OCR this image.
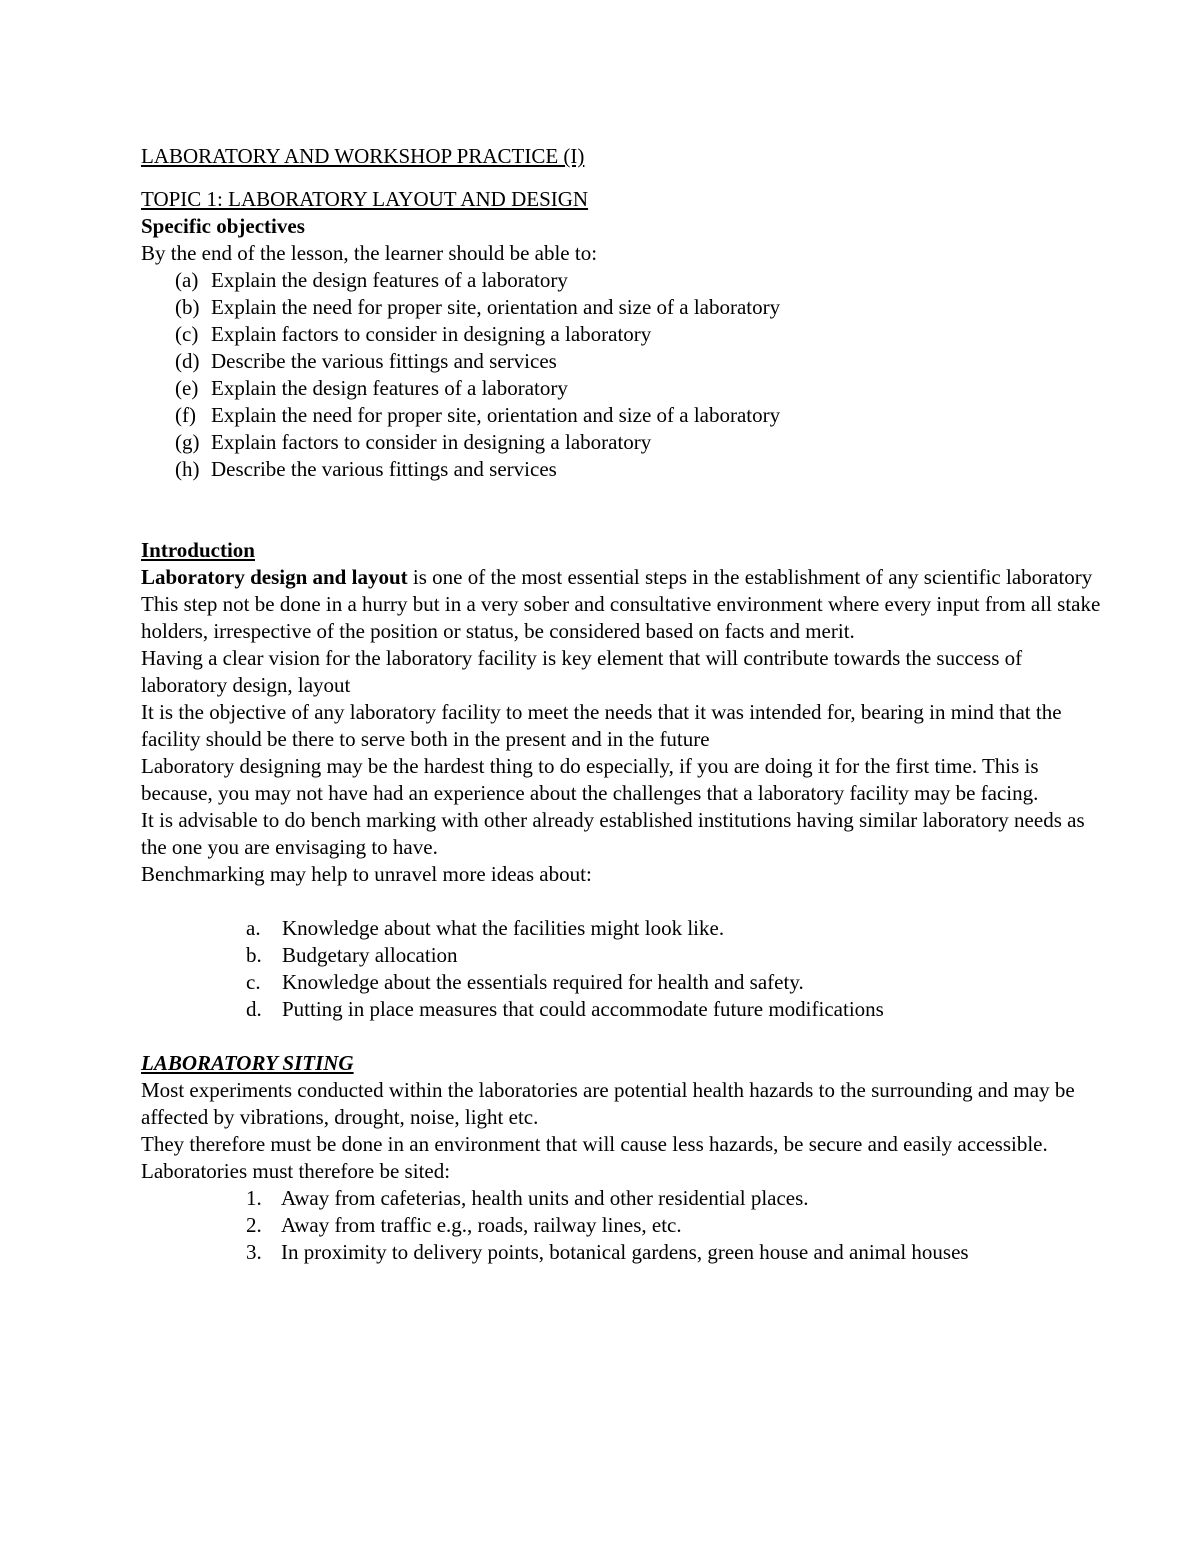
LABORATORY AND WORKSHOP PRACTICE (I)

TOPIC 1: LABORATORY LAYOUT AND DESIGN

Specific objectives

By the end of the lesson, the learner should be able to:

(a) Explain the design features of a laboratory
(b) Explain the need for proper site, orientation and size of a laboratory
(c) Explain factors to consider in designing a laboratory
(d) Describe the various fittings and services
(e) Explain the design features of a laboratory
(f) Explain the need for proper site, orientation and size of a laboratory
(g) Explain factors to consider in designing a laboratory
(h) Describe the various fittings and services

Introduction

Laboratory design and layout is one of the most essential steps in the establishment of any scientific laboratory

This step not be done in a hurry but in a very sober and consultative environment where every input from all stake holders, irrespective of the position or status, be considered based on facts and merit.

Having a clear vision for the laboratory facility is key element that will contribute towards the success of laboratory design, layout

It is the objective of any laboratory facility to meet the needs that it was intended for, bearing in mind that the facility should be there to serve both in the present and in the future

Laboratory designing may be the hardest thing to do especially, if you are doing it for the first time. This is because, you may not have had an experience about the challenges that a laboratory facility may be facing.

It is advisable to do bench marking with other already established institutions having similar laboratory needs as the one you are envisaging to have.

Benchmarking may help to unravel more ideas about:

a. Knowledge about what the facilities might look like.
b. Budgetary allocation
c. Knowledge about the essentials required for health and safety.
d. Putting in place measures that could accommodate future modifications

LABORATORY SITING

Most experiments conducted within the laboratories are potential health hazards to the surrounding and may be affected by vibrations, drought, noise, light etc.

They therefore must be done in an environment that will cause less hazards, be secure and easily accessible.

Laboratories must therefore be sited:

1. Away from cafeterias, health units and other residential places.
2. Away from traffic e.g., roads, railway lines, etc.
3. In proximity to delivery points, botanical gardens, green house and animal houses
